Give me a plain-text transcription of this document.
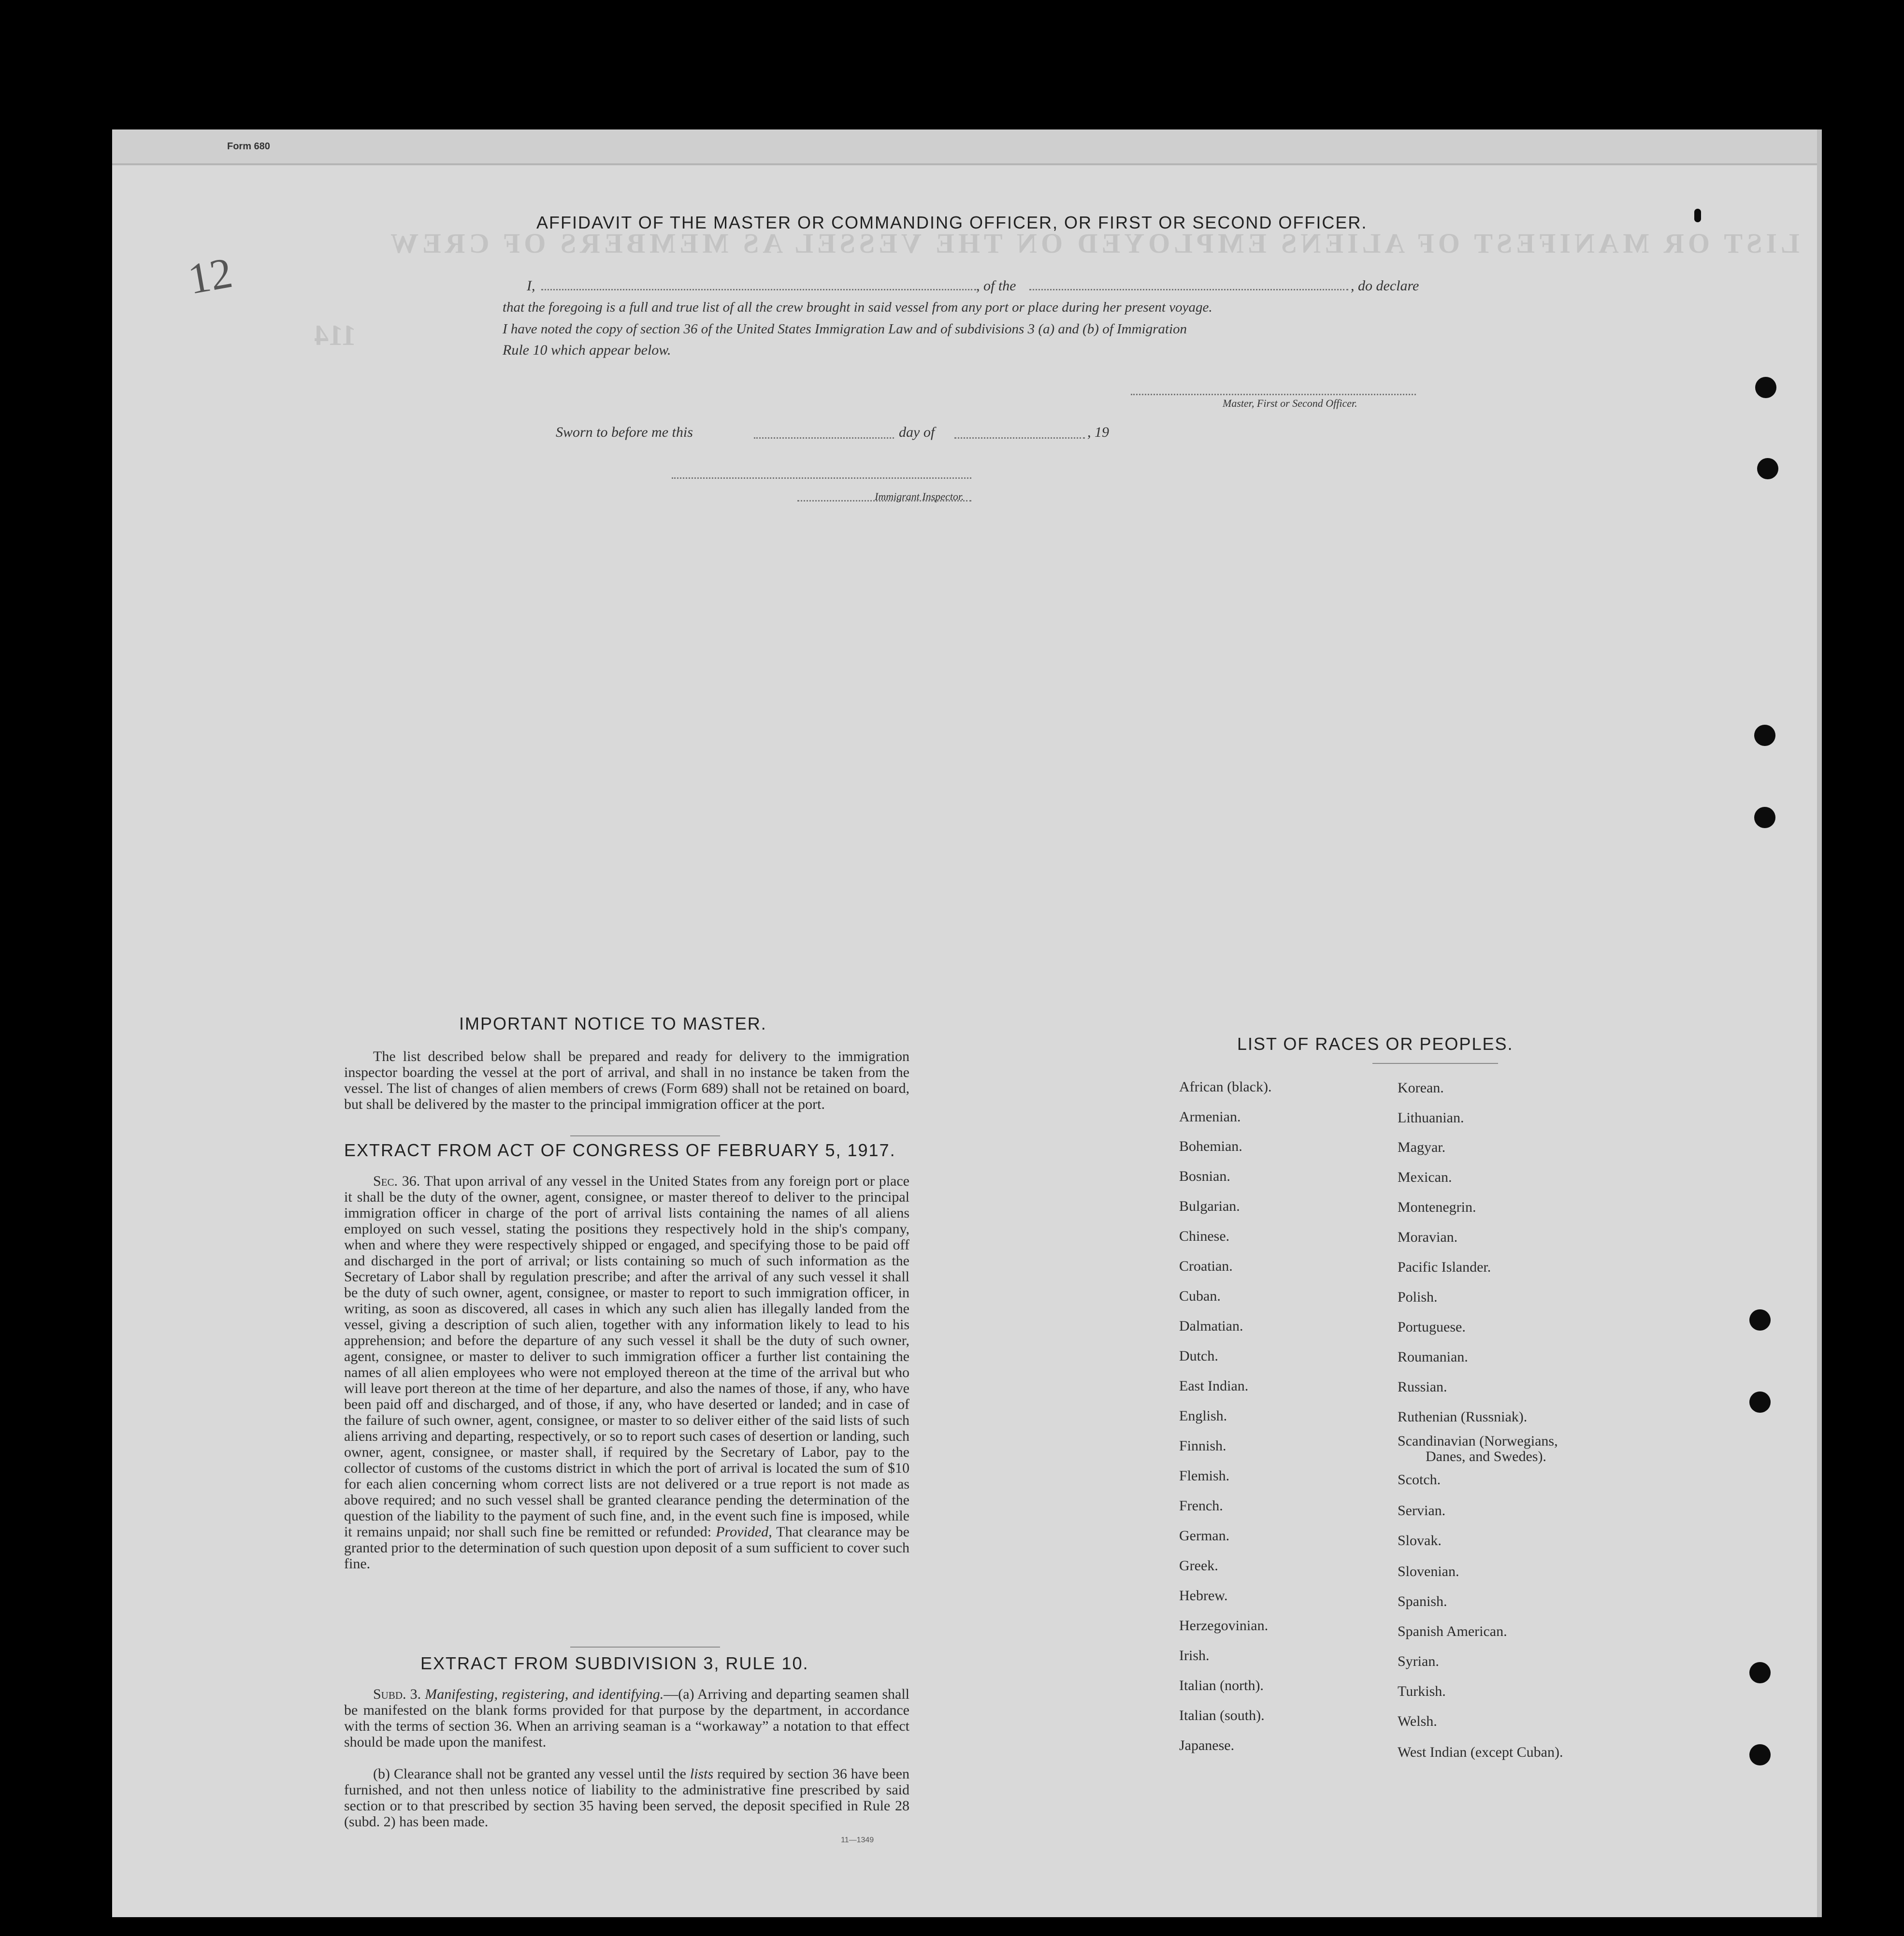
LIST OR MANIFEST OF ALIENS EMPLOYED ON THE VESSEL AS MEMBERS OF CREW
114
Form 680
12
AFFIDAVIT OF THE MASTER OR COMMANDING OFFICER, OR FIRST OR SECOND OFFICER.
I,	, of the	, do declare
that the foregoing is a full and true list of all the crew brought in said vessel from any port or place during her present voyage.
I have noted the copy of section 36 of the United States Immigration Law and of subdivisions 3 (a) and (b) of Immigration
Rule 10 which appear below.
Master, First or Second Officer.
Sworn to before me this	day of	, 19
Immigrant Inspector.
IMPORTANT NOTICE TO MASTER.
The list described below shall be prepared and ready for delivery to the immigration inspector boarding the vessel at the port of arrival, and shall in no instance be taken from the vessel. The list of changes of alien members of crews (Form 689) shall not be retained on board, but shall be delivered by the master to the principal immigration officer at the port.
EXTRACT FROM ACT OF CONGRESS OF FEBRUARY 5, 1917.
Sec. 36. That upon arrival of any vessel in the United States from any foreign port or place it shall be the duty of the owner, agent, consignee, or master thereof to deliver to the principal immigration officer in charge of the port of arrival lists containing the names of all aliens employed on such vessel, stating the positions they respectively hold in the ship's company, when and where they were respectively shipped or engaged, and specifying those to be paid off and discharged in the port of arrival; or lists containing so much of such information as the Secretary of Labor shall by regulation prescribe; and after the arrival of any such vessel it shall be the duty of such owner, agent, consignee, or master to report to such immigration officer, in writing, as soon as discovered, all cases in which any such alien has illegally landed from the vessel, giving a description of such alien, together with any information likely to lead to his apprehension; and before the departure of any such vessel it shall be the duty of such owner, agent, consignee, or master to deliver to such immigration officer a further list containing the names of all alien employees who were not employed thereon at the time of the arrival but who will leave port thereon at the time of her departure, and also the names of those, if any, who have been paid off and discharged, and of those, if any, who have deserted or landed; and in case of the failure of such owner, agent, consignee, or master to so deliver either of the said lists of such aliens arriving and departing, respectively, or so to report such cases of desertion or landing, such owner, agent, consignee, or master shall, if required by the Secretary of Labor, pay to the collector of customs of the customs district in which the port of arrival is located the sum of $10 for each alien concerning whom correct lists are not delivered or a true report is not made as above required; and no such vessel shall be granted clearance pending the determination of the question of the liability to the payment of such fine, and, in the event such fine is imposed, while it remains unpaid; nor shall such fine be remitted or refunded: Provided, That clearance may be granted prior to the determination of such question upon deposit of a sum sufficient to cover such fine.
EXTRACT FROM SUBDIVISION 3, RULE 10.
Subd. 3. Manifesting, registering, and identifying.—(a) Arriving and departing seamen shall be manifested on the blank forms provided for that purpose by the department, in accordance with the terms of section 36. When an arriving seaman is a “workaway” a notation to that effect should be made upon the manifest.
(b) Clearance shall not be granted any vessel until the lists required by section 36 have been furnished, and not then unless notice of liability to the administrative fine prescribed by said section or to that prescribed by section 35 having been served, the deposit specified in Rule 28 (subd. 2) has been made.
11—1349
LIST OF RACES OR PEOPLES.
African (black).
Armenian.
Bohemian.
Bosnian.
Bulgarian.
Chinese.
Croatian.
Cuban.
Dalmatian.
Dutch.
East Indian.
English.
Finnish.
Flemish.
French.
German.
Greek.
Hebrew.
Herzegovinian.
Irish.
Italian (north).
Italian (south).
Japanese.
Korean.
Lithuanian.
Magyar.
Mexican.
Montenegrin.
Moravian.
Pacific Islander.
Polish.
Portuguese.
Roumanian.
Russian.
Ruthenian (Russniak).
Scandinavian (Norwegians,
Danes, and Swedes).
Scotch.
Servian.
Slovak.
Slovenian.
Spanish.
Spanish American.
Syrian.
Turkish.
Welsh.
West Indian (except Cuban).
